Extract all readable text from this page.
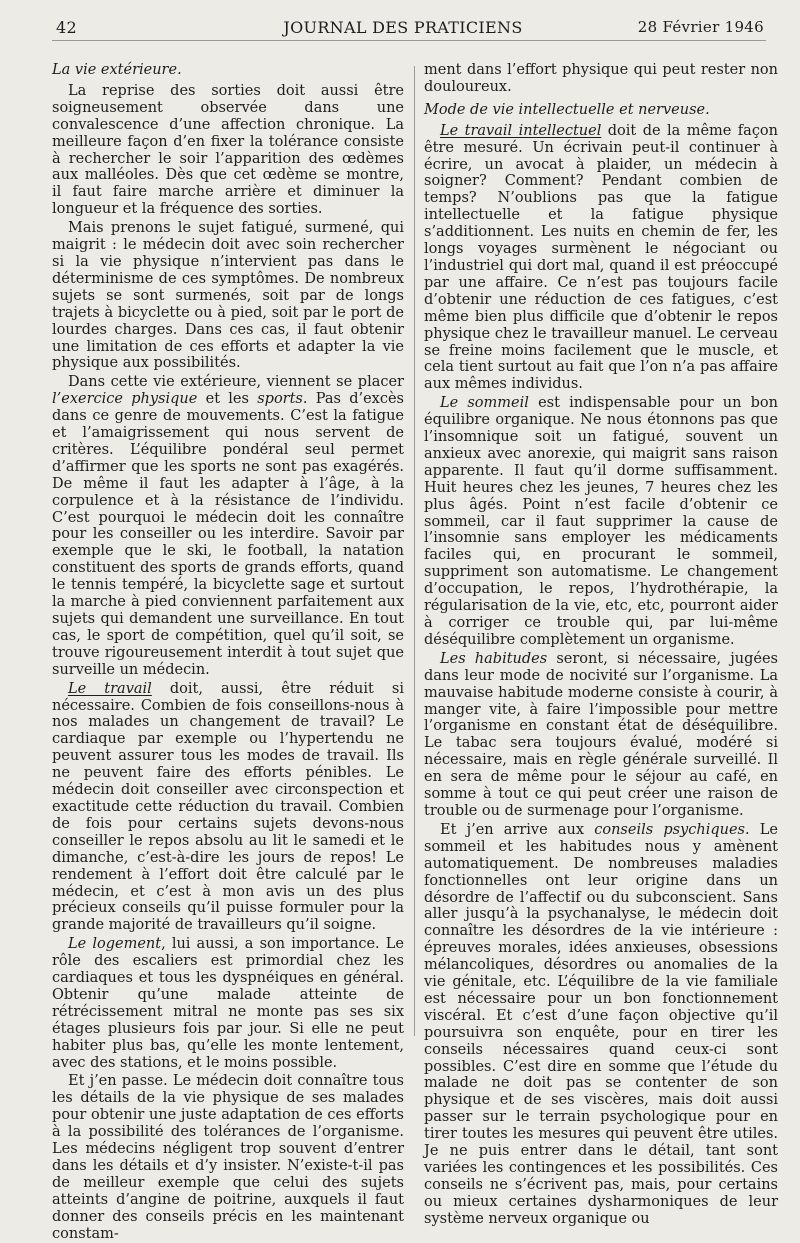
42	JOURNAL DES PRATICIENS	28 Février 1946

La vie extérieure.

La reprise des sorties doit aussi être soigneusement observée dans une convalescence d’une affection chronique. La meilleure façon d’en fixer la tolérance consiste à rechercher le soir l’apparition des œdèmes aux malléoles. Dès que cet œdème se montre, il faut faire marche arrière et diminuer la longueur et la fréquence des sorties.

Mais prenons le sujet fatigué, surmené, qui maigrit : le médecin doit avec soin rechercher si la vie physique n’intervient pas dans le déterminisme de ces symptômes. De nombreux sujets se sont surmenés, soit par de longs trajets à bicyclette ou à pied, soit par le port de lourdes charges. Dans ces cas, il faut obtenir une limitation de ces efforts et adapter la vie physique aux possibilités.

Dans cette vie extérieure, viennent se placer l’exercice physique et les sports. Pas d’excès dans ce genre de mouvements. C’est la fatigue et l’amaigrissement qui nous servent de critères. L’équilibre pondéral seul permet d’affirmer que les sports ne sont pas exagérés. De même il faut les adapter à l’âge, à la corpulence et à la résistance de l’individu. C’est pourquoi le médecin doit les connaître pour les conseiller ou les interdire. Savoir par exemple que le ski, le football, la natation constituent des sports de grands efforts, quand le tennis tempéré, la bicyclette sage et surtout la marche à pied conviennent parfaitement aux sujets qui demandent une surveillance. En tout cas, le sport de compétition, quel qu’il soit, se trouve rigoureusement interdit à tout sujet que surveille un médecin.

Le travail doit, aussi, être réduit si nécessaire. Combien de fois conseillons-nous à nos malades un changement de travail? Le cardiaque par exemple ou l’hypertendu ne peuvent assurer tous les modes de travail. Ils ne peuvent faire des efforts pénibles. Le médecin doit conseiller avec circonspection et exactitude cette réduction du travail. Combien de fois pour certains sujets devons-nous conseiller le repos absolu au lit le samedi et le dimanche, c’est-à-dire les jours de repos! Le rendement à l’effort doit être calculé par le médecin, et c’est à mon avis un des plus précieux conseils qu’il puisse formuler pour la grande majorité de travailleurs qu’il soigne.

Le logement, lui aussi, a son importance. Le rôle des escaliers est primordial chez les cardiaques et tous les dyspnéiques en général. Obtenir qu’une malade atteinte de rétrécissement mitral ne monte pas ses six étages plusieurs fois par jour. Si elle ne peut habiter plus bas, qu’elle les monte lentement, avec des stations, et le moins possible.

Et j’en passe. Le médecin doit connaître tous les détails de la vie physique de ses malades pour obtenir une juste adaptation de ces efforts à la possibilité des tolérances de l’organisme. Les médecins négligent trop souvent d’entrer dans les détails et d’y insister. N’existe-t-il pas de meilleur exemple que celui des sujets atteints d’angine de poitrine, auxquels il faut donner des conseils précis en les maintenant constam-

ment dans l’effort physique qui peut rester non douloureux.

Mode de vie intellectuelle et nerveuse.

Le travail intellectuel doit de la même façon être mesuré. Un écrivain peut-il continuer à écrire, un avocat à plaider, un médecin à soigner? Comment? Pendant combien de temps? N’oublions pas que la fatigue intellectuelle et la fatigue physique s’additionnent. Les nuits en chemin de fer, les longs voyages surmènent le négociant ou l’industriel qui dort mal, quand il est préoccupé par une affaire. Ce n’est pas toujours facile d’obtenir une réduction de ces fatigues, c’est même bien plus difficile que d’obtenir le repos physique chez le travailleur manuel. Le cerveau se freine moins facilement que le muscle, et cela tient surtout au fait que l’on n’a pas affaire aux mêmes individus.

Le sommeil est indispensable pour un bon équilibre organique. Ne nous étonnons pas que l’insomnique soit un fatigué, souvent un anxieux avec anorexie, qui maigrit sans raison apparente. Il faut qu’il dorme suffisamment. Huit heures chez les jeunes, 7 heures chez les plus âgés. Point n’est facile d’obtenir ce sommeil, car il faut supprimer la cause de l’insomnie sans employer les médicaments faciles qui, en procurant le sommeil, suppriment son automatisme. Le changement d’occupation, le repos, l’hydrothérapie, la régularisation de la vie, etc, etc, pourront aider à corriger ce trouble qui, par lui-même déséquilibre complètement un organisme.

Les habitudes seront, si nécessaire, jugées dans leur mode de nocivité sur l’organisme. La mauvaise habitude moderne consiste à courir, à manger vite, à faire l’impossible pour mettre l’organisme en constant état de déséquilibre. Le tabac sera toujours évalué, modéré si nécessaire, mais en règle générale surveillé. Il en sera de même pour le séjour au café, en somme à tout ce qui peut créer une raison de trouble ou de surmenage pour l’organisme.

Et j’en arrive aux conseils psychiques. Le sommeil et les habitudes nous y amènent automatiquement. De nombreuses maladies fonctionnelles ont leur origine dans un désordre de l’affectif ou du subconscient. Sans aller jusqu’à la psychanalyse, le médecin doit connaître les désordres de la vie intérieure : épreuves morales, idées anxieuses, obsessions mélancoliques, désordres ou anomalies de la vie génitale, etc. L’équilibre de la vie familiale est nécessaire pour un bon fonctionnement viscéral. Et c’est d’une façon objective qu’il poursuivra son enquête, pour en tirer les conseils nécessaires quand ceux-ci sont possibles. C’est dire en somme que l’étude du malade ne doit pas se contenter de son physique et de ses viscères, mais doit aussi passer sur le terrain psychologique pour en tirer toutes les mesures qui peuvent être utiles. Je ne puis entrer dans le détail, tant sont variées les contingences et les possibilités. Ces conseils ne s’écrivent pas, mais, pour certains ou mieux certaines dysharmoniques de leur système nerveux organique ou
